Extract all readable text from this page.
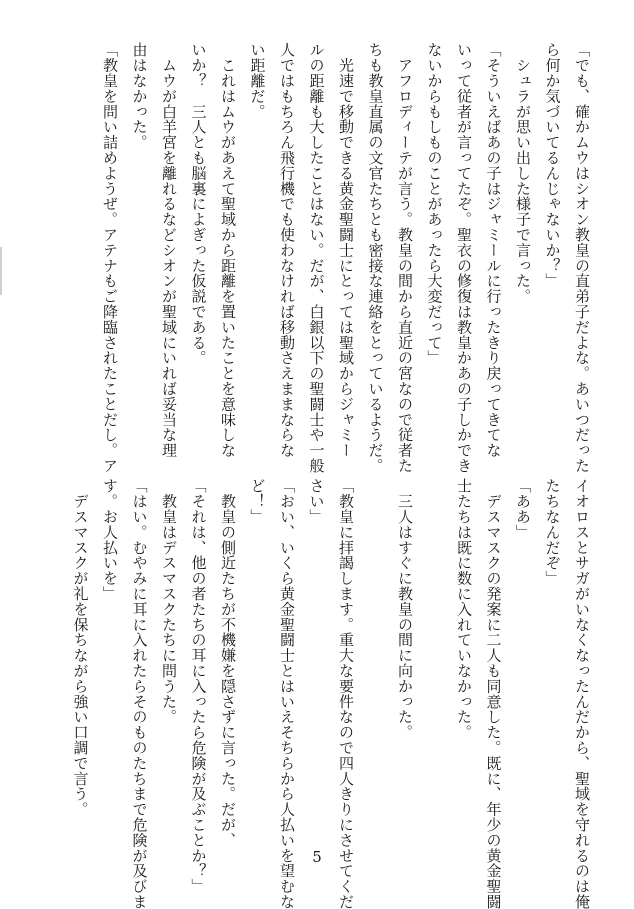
「でも、確かムウはシオン教皇の直弟子だよな。あいつだった
ら何か気づいてるんじゃないか？」
　シュラが思い出した様子で言った。
「そういえばあの子はジャミールに行ったきり戻ってきてな
いって従者が言ってたぞ。聖衣の修復は教皇かあの子しかでき
ないからもしものことがあったら大変だって」
　アフロディーテが言う。教皇の間から直近の宮なので従者た
ちも教皇直属の文官たちとも密接な連絡をとっているようだ。
　光速で移動できる黄金聖闘士にとっては聖域からジャミー
ルの距離も大したことはない。だが、白銀以下の聖闘士や一般
人ではもちろん飛行機でも使わなければ移動さえままならな
い距離だ。
　これはムウがあえて聖域から距離を置いたことを意味しな
いか？　三人とも脳裏によぎった仮説である。
　ムウが白羊宮を離れるなどシオンが聖域にいれば妥当な理
由はなかった。
「教皇を問い詰めようぜ。アテナもご降臨されたことだし。ア
イオロスとサガがいなくなったんだから、聖域を守れるのは俺
たちなんだぞ」
「ああ」
　デスマスクの発案に二人も同意した。既に、年少の黄金聖闘
士たちは既に数に入れていなかった。

　三人はすぐに教皇の間に向かった。

「教皇に拝謁します。重大な要件なので四人きりにさせてくだ
さい」
「おい、いくら黄金聖闘士とはいえそちらから人払いを望むな
ど！」
　教皇の側近たちが不機嫌を隠さずに言った。だが、
「それは、他の者たちの耳に入ったら危険が及ぶことか？」
　教皇はデスマスクたちに問うた。
「はい。むやみに耳に入れたらそのものたちまで危険が及びま
す。お人払いを」
　デスマスクが礼を保ちながら強い口調で言う。
5
